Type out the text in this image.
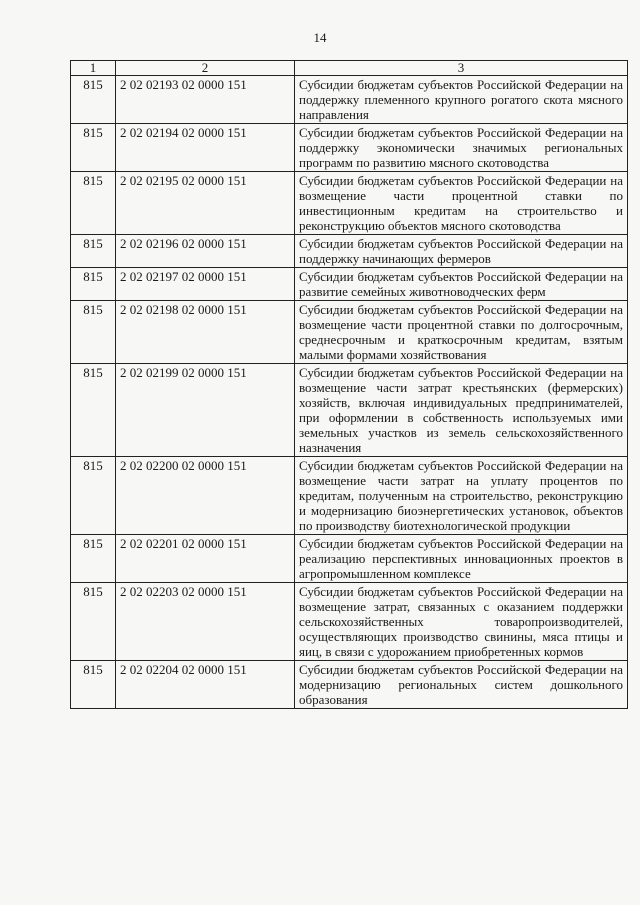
14
1	2	3
815	2 02 02193 02 0000 151	Субсидии бюджетам субъектов Российской Федерации на поддержку племенного крупного рогатого скота мясного направления
815	2 02 02194 02 0000 151	Субсидии бюджетам субъектов Российской Федерации на поддержку экономически значимых региональных программ по развитию мясного скотоводства
815	2 02 02195 02 0000 151	Субсидии бюджетам субъектов Российской Федерации на возмещение части процентной ставки по инвестиционным кредитам на строительство и реконструкцию объектов мясного скотоводства
815	2 02 02196 02 0000 151	Субсидии бюджетам субъектов Российской Федерации на поддержку начинающих фермеров
815	2 02 02197 02 0000 151	Субсидии бюджетам субъектов Российской Федерации на развитие семейных животноводческих ферм
815	2 02 02198 02 0000 151	Субсидии бюджетам субъектов Российской Федерации на возмещение части процентной ставки по долгосрочным, среднесрочным и краткосрочным кредитам, взятым малыми формами хозяйствования
815	2 02 02199 02 0000 151	Субсидии бюджетам субъектов Российской Федерации на возмещение части затрат крестьянских (фермерских) хозяйств, включая индивидуальных предпринимателей, при оформлении в собственность используемых ими земельных участков из земель сельскохозяйственного назначения
815	2 02 02200 02 0000 151	Субсидии бюджетам субъектов Российской Федерации на возмещение части затрат на уплату процентов по кредитам, полученным на строительство, реконструкцию и модернизацию биоэнергетических установок, объектов по производству биотехнологической продукции
815	2 02 02201 02 0000 151	Субсидии бюджетам субъектов Российской Федерации на реализацию перспективных инновационных проектов в агропромышленном комплексе
815	2 02 02203 02 0000 151	Субсидии бюджетам субъектов Российской Федерации на возмещение затрат, связанных с оказанием поддержки сельскохозяйственных товаропроизводителей, осуществляющих производство свинины, мяса птицы и яиц, в связи с удорожанием приобретенных кормов
815	2 02 02204 02 0000 151	Субсидии бюджетам субъектов Российской Федерации на модернизацию региональных систем дошкольного образования
